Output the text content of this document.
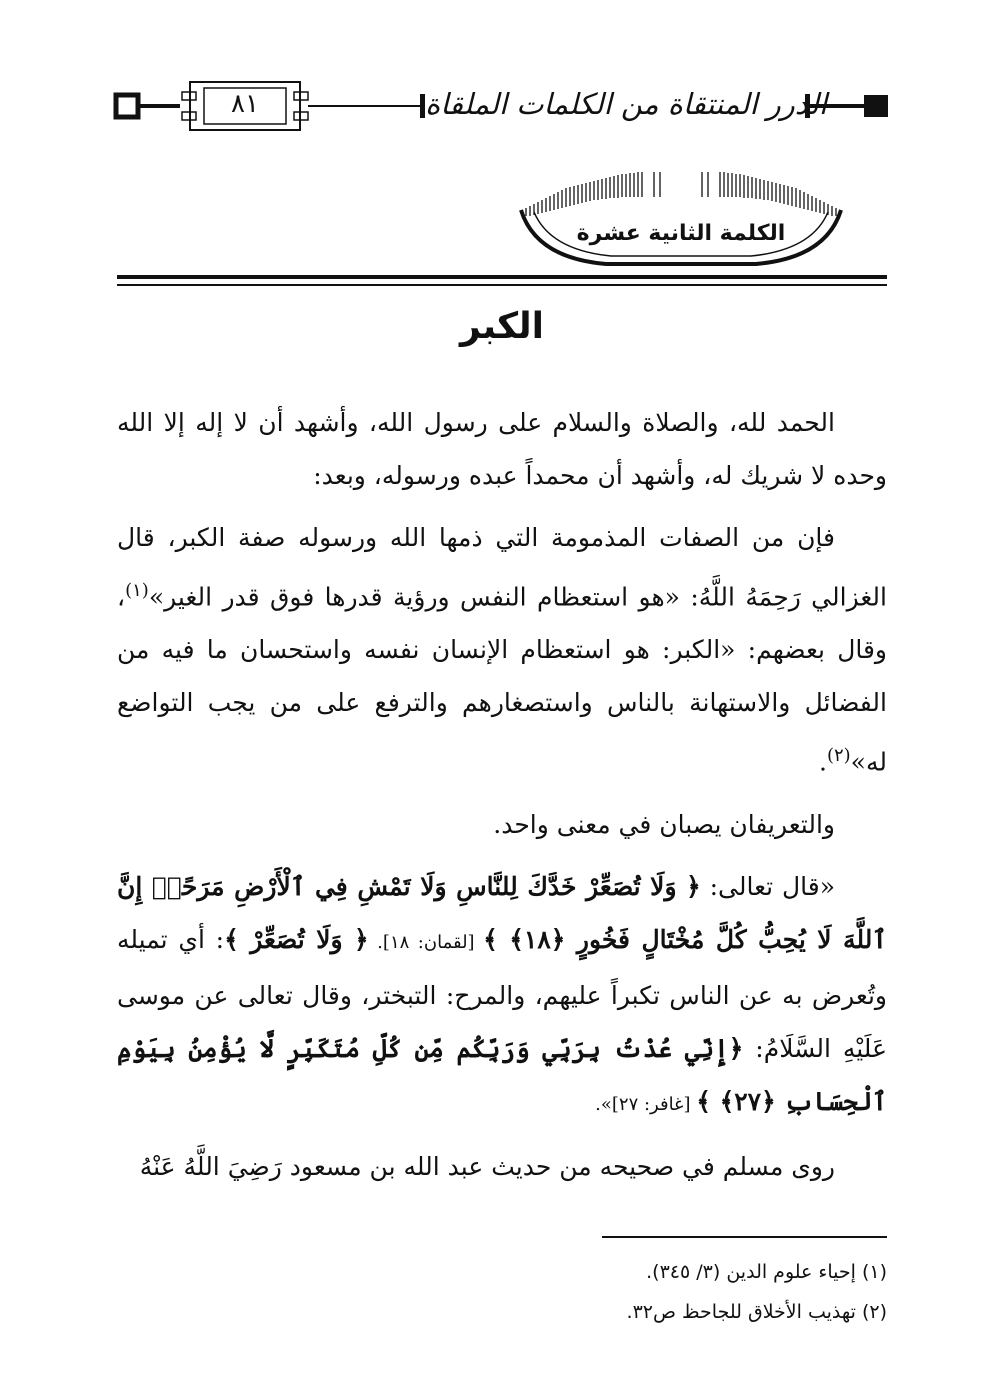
٨١	الدرر المنتقاة من الكلمات الملقاة
الكلمة الثانية عشرة
الكبر

الحمد لله، والصلاة والسلام على رسول الله، وأشهد أن لا إله إلا الله وحده لا شريك له، وأشهد أن محمداً عبده ورسوله، وبعد:

فإن من الصفات المذمومة التي ذمها الله ورسوله صفة الكبر، قال الغزالي رَحِمَهُ اللَّهُ: «هو استعظام النفس ورؤية قدرها فوق قدر الغير»$^{(١)}$، وقال بعضهم: «الكبر: هو استعظام الإنسان نفسه واستحسان ما فيه من الفضائل والاستهانة بالناس واستصغارهم والترفع على من يجب التواضع له»$^{(٢)}$.

والتعريفان يصبان في معنى واحد.

«قال تعالى: ﴿ وَلَا تُصَعِّرْ خَدَّكَ لِلنَّاسِ وَلَا تَمْشِ فِي ٱلْأَرْضِ مَرَحًاۖ إِنَّ ٱللَّهَ لَا يُحِبُّ كُلَّ مُخْتَالٍ فَخُورٍ ﴿١٨﴾ ﴾ [لقمان: ١٨]. ﴿ وَلَا تُصَعِّرْ ﴾: أي تميله وتُعرض به عن الناس تكبراً عليهم، والمرح: التبختر، وقال تعالى عن موسى عَلَيْهِ السَّلَامُ: ﴿إِنِّي عُذْتُ بِرَبِّي وَرَبِّكُم مِّن كُلِّ مُتَكَبِّرٍ لَّا يُؤْمِنُ بِيَوْمِ ٱلْحِسَابِ ﴿٢٧﴾ ﴾ [غافر: ٢٧]».

روى مسلم في صحيحه من حديث عبد الله بن مسعود رَضِيَ اللَّهُ عَنْهُ

(١) إحياء علوم الدين (٣/ ٣٤٥).
(٢) تهذيب الأخلاق للجاحظ ص٣٢.
